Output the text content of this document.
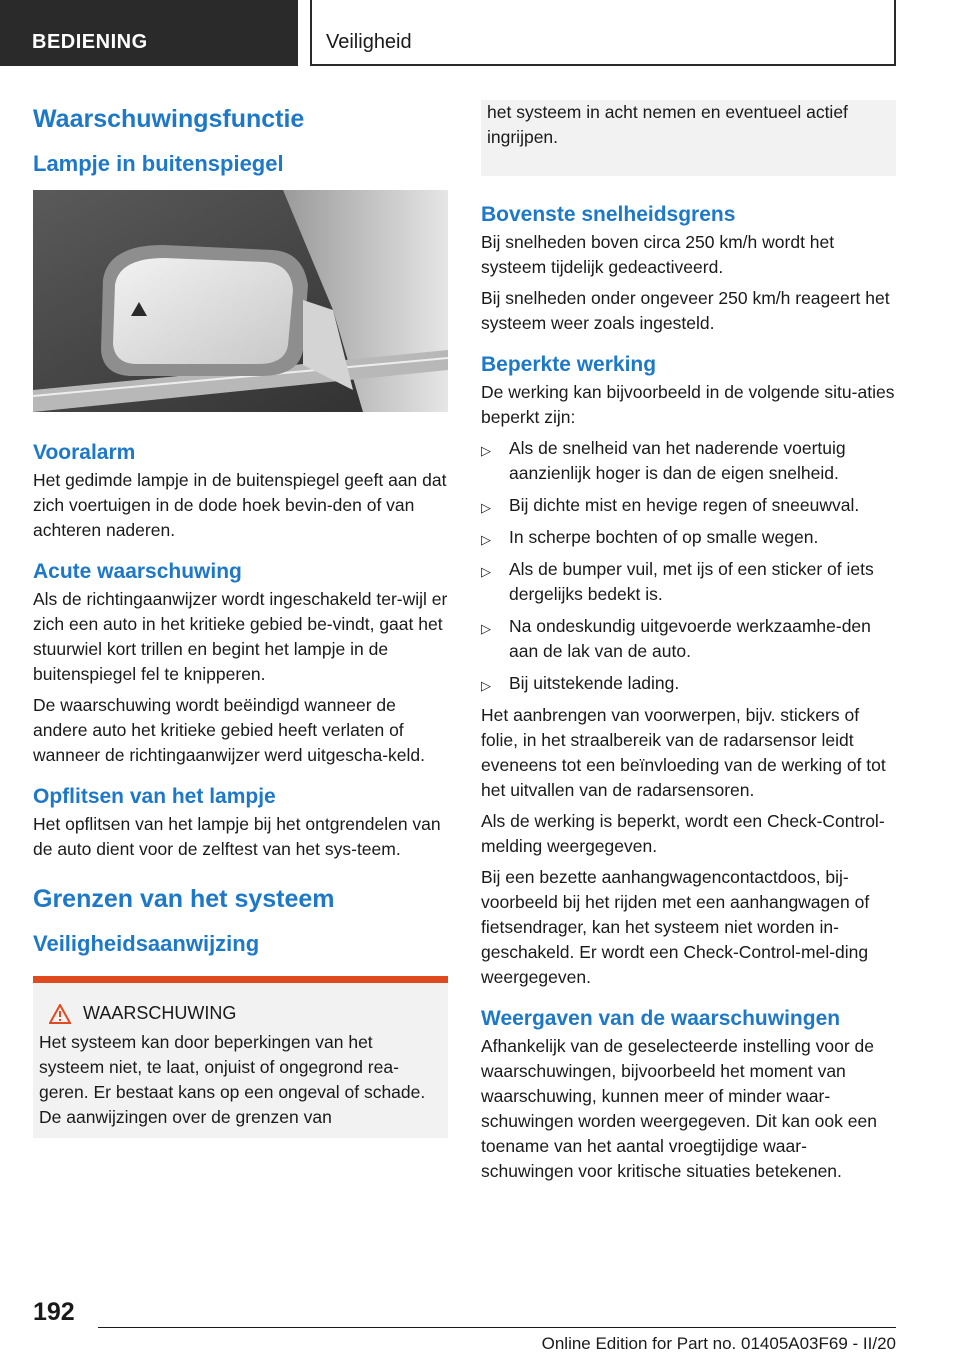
BEDIENING	Veiligheid
Waarschuwingsfunctie
Lampje in buitenspiegel
Vooralarm

Het gedimde lampje in de buitenspiegel geeft aan dat zich voertuigen in de dode hoek bevin-den of van achteren naderen.

Acute waarschuwing

Als de richtingaanwijzer wordt ingeschakeld ter-wijl er zich een auto in het kritieke gebied be-vindt, gaat het stuurwiel kort trillen en begint het lampje in de buitenspiegel fel te knipperen.

De waarschuwing wordt beëindigd wanneer de andere auto het kritieke gebied heeft verlaten of wanneer de richtingaanwijzer werd uitgescha-keld.

Opflitsen van het lampje

Het opflitsen van het lampje bij het ontgrendelen van de auto dient voor de zelftest van het sys-teem.

Grenzen van het systeem
Veiligheidsaanwijzing
WAARSCHUWING

Het systeem kan door beperkingen van het systeem niet, te laat, onjuist of ongegrond rea-geren. Er bestaat kans op een ongeval of schade. De aanwijzingen over de grenzen van

het systeem in acht nemen en eventueel actief ingrijpen.

Bovenste snelheidsgrens

Bij snelheden boven circa 250 km/h wordt het systeem tijdelijk gedeactiveerd.

Bij snelheden onder ongeveer 250 km/h reageert het systeem weer zoals ingesteld.

Beperkte werking

De werking kan bijvoorbeeld in de volgende situ-aties beperkt zijn:

▷ Als de snelheid van het naderende voertuig aanzienlijk hoger is dan de eigen snelheid.
▷ Bij dichte mist en hevige regen of sneeuwval.
▷ In scherpe bochten of op smalle wegen.
▷ Als de bumper vuil, met ijs of een sticker of iets dergelijks bedekt is.
▷ Na ondeskundig uitgevoerde werkzaamhe-den aan de lak van de auto.
▷ Bij uitstekende lading.

Het aanbrengen van voorwerpen, bijv. stickers of folie, in het straalbereik van de radarsensor leidt eveneens tot een beïnvloeding van de werking of tot het uitvallen van de radarsensoren.

Als de werking is beperkt, wordt een Check-Control-melding weergegeven.

Bij een bezette aanhangwagencontactdoos, bij-voorbeeld bij het rijden met een aanhangwagen of fietsendrager, kan het systeem niet worden in-geschakeld. Er wordt een Check-Control-mel-ding weergegeven.

Weergaven van de waarschuwingen

Afhankelijk van de geselecteerde instelling voor de waarschuwingen, bijvoorbeeld het moment van waarschuwing, kunnen meer of minder waar-schuwingen worden weergegeven. Dit kan ook een toename van het aantal vroegtijdige waar-schuwingen voor kritische situaties betekenen.

192
Online Edition for Part no. 01405A03F69 - II/20
